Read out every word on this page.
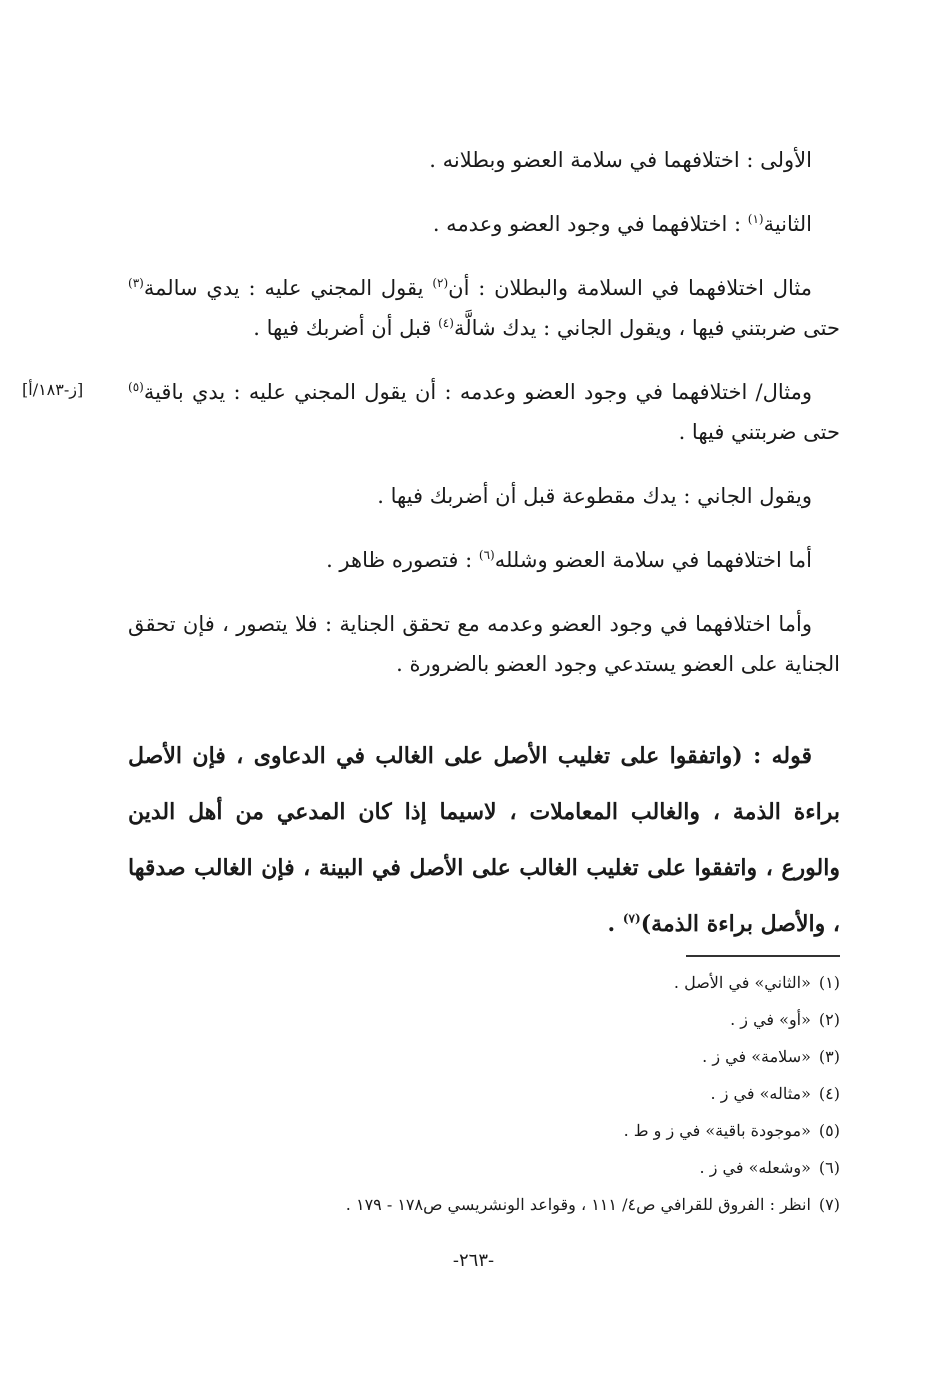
الأولى : اختلافهما في سلامة العضو وبطلانه .

الثانية$^{(١)}$ : اختلافهما في وجود العضو وعدمه .

مثال اختلافهما في السلامة والبطلان : أن$^{(٢)}$ يقول المجني عليه : يدي سالمة$^{(٣)}$ حتى ضربتني فيها ، ويقول الجاني : يدك شالَّة$^{(٤)}$ قبل أن أضربك فيها .

ومثال/ اختلافهما في وجود العضو وعدمه : أن يقول المجني عليه : يدي باقية$^{(٥)}$ حتى ضربتني فيها .

ويقول الجاني : يدك مقطوعة قبل أن أضربك فيها .

أما اختلافهما في سلامة العضو وشلله$^{(٦)}$ : فتصوره ظاهر .

وأما اختلافهما في وجود العضو وعدمه مع تحقق الجناية : فلا يتصور ، فإن تحقق الجناية على العضو يستدعي وجود العضو بالضرورة .

[ز-١٨٣/أ]
قوله : (واتفقوا على تغليب الأصل على الغالب في الدعاوى ، فإن الأصل براءة الذمة ، والغالب المعاملات ، لاسيما إذا كان المدعي من أهل الدين والورع ، واتفقوا على تغليب الغالب على الأصل في البينة ، فإن الغالب صدقها ، والأصل براءة الذمة)$^{(٧)}$ .
(١)«الثاني» في الأصل .
(٢)«أو» في ز .
(٣)«سلامة» في ز .
(٤)«مثاله» في ز .
(٥)«موجودة باقية» في ز و ط .
(٦)«وشعله» في ز .
(٧)انظر : الفروق للقرافي ص٤/ ١١١ ، وقواعد الونشريسي ص١٧٨ - ١٧٩ .
-٢٦٣-
